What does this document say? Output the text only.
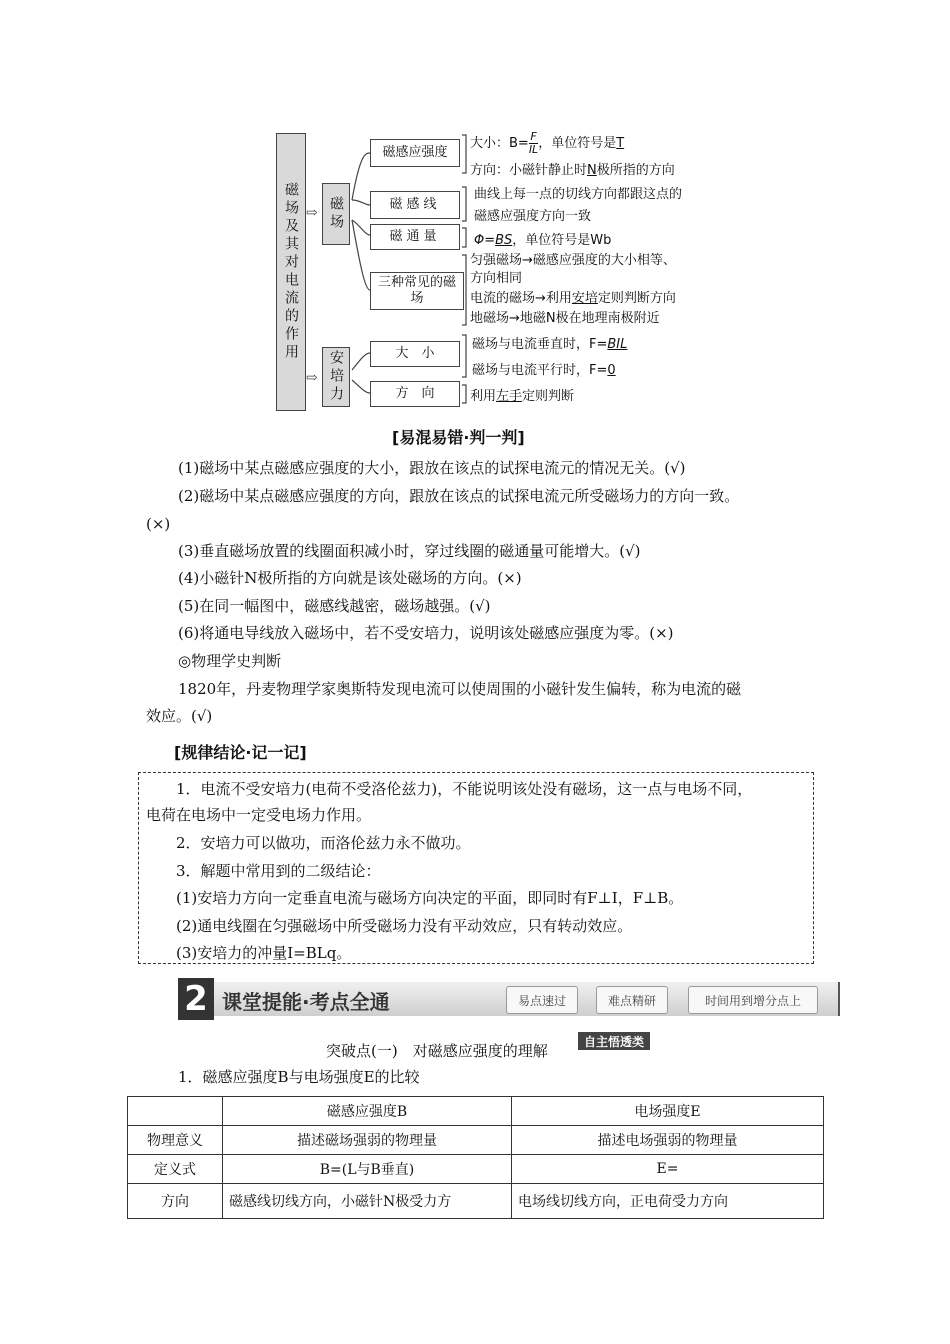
磁场及其对电流的作用 ⇨
⇨
磁场
安培力
磁感应强度
磁感线
磁通量
三种常见的磁场
大　小
方　向
大小：$B= \frac{F}{IL}$ ，单位符号是T
方向：小磁针静止时N极所指的方向
曲线上每一点的切线方向都跟这点的
磁感应强度方向一致
Φ=BS，单位符号是Wb
匀强磁场→磁感应强度的大小相等、
方向相同
电流的磁场→利用安培定则判断方向
地磁场→地磁N极在地理南极附近
磁场与电流垂直时，F=BIL
磁场与电流平行时，F=0
利用左手定则判断
[易混易错·判一判]
(1)磁场中某点磁感应强度的大小，跟放在该点的试探电流元的情况无关。(√)
(2)磁场中某点磁感应强度的方向，跟放在该点的试探电流元所受磁场力的方向一致。
(×)
(3)垂直磁场放置的线圈面积减小时，穿过线圈的磁通量可能增大。(√)
(4)小磁针N极所指的方向就是该处磁场的方向。(×)
(5)在同一幅图中，磁感线越密，磁场越强。(√)
(6)将通电导线放入磁场中，若不受安培力，说明该处磁感应强度为零。(×)
◎物理学史判断
1820年，丹麦物理学家奥斯特发现电流可以使周围的小磁针发生偏转，称为电流的磁
效应。(√)
[规律结论·记一记]
1．电流不受安培力(电荷不受洛伦兹力)，不能说明该处没有磁场，这一点与电场不同，
电荷在电场中一定受电场力作用。
2．安培力可以做功，而洛伦兹力永不做功。
3．解题中常用到的二级结论：
(1)安培力方向一定垂直电流与磁场方向决定的平面，即同时有F⊥I，F⊥B。
(2)通电线圈在匀强磁场中所受磁场力没有平动效应，只有转动效应。
(3)安培力的冲量I=BLq。
2 课堂提能·考点全通	易点速过	难点精研	时间用到增分点上
突破点(一)　对磁感应强度的理解
自主悟透类
1．磁感应强度B与电场强度E的比较
	磁感应强度B	电场强度E
物理意义	描述磁场强弱的物理量	描述电场强弱的物理量
定义式	B=(L与B垂直)	E=
方向	磁感线切线方向，小磁针N极受力方	电场线切线方向，正电荷受力方向
